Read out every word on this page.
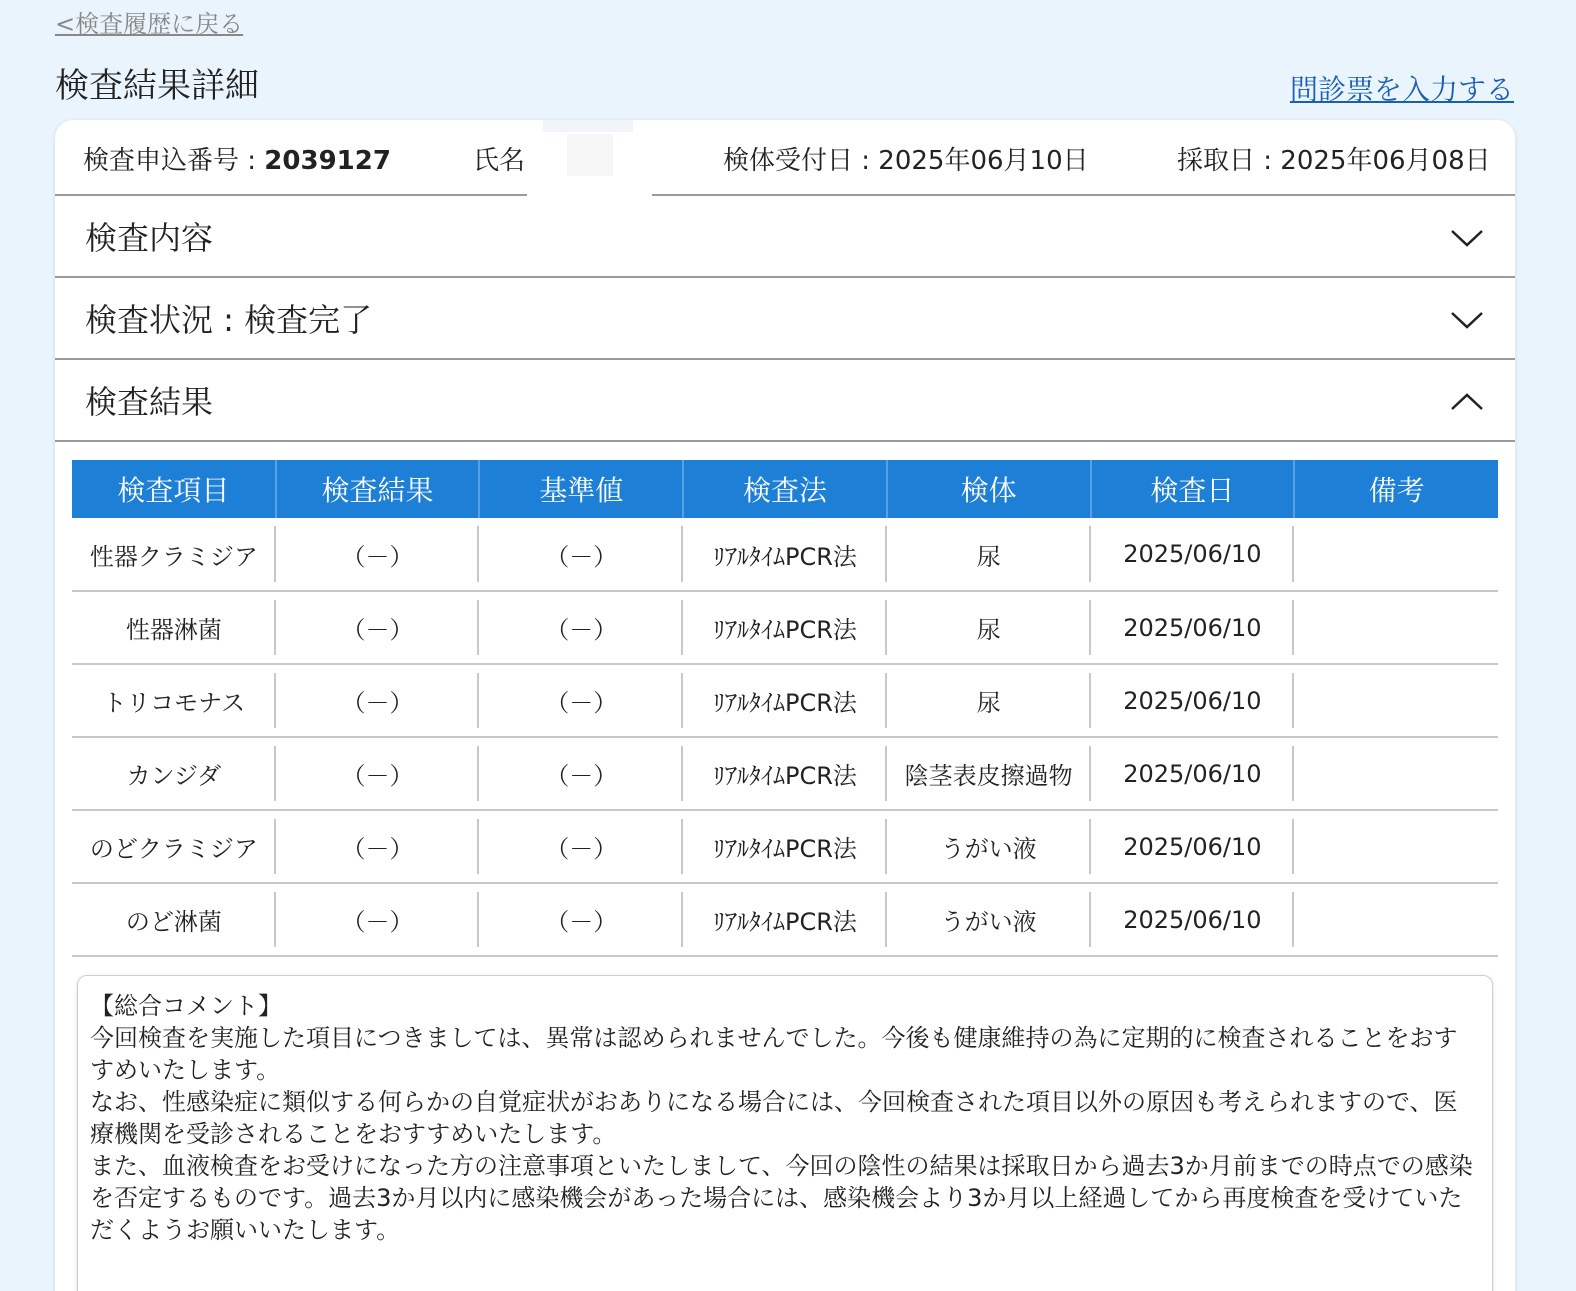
<検査履歴に戻る
検査結果詳細	問診票を入力する
検査申込番号 : 2039127	氏名	検体受付日 : 2025年06月10日	採取日 : 2025年06月08日
検査内容
検査状況 : 検査完了
検査結果
検査項目	検査結果	基準値	検査法	検体	検査日	備考
性器クラミジア	（－）	（－）	ﾘｱﾙﾀｲﾑPCR法	尿	2025/06/10

性器淋菌	（－）	（－）	ﾘｱﾙﾀｲﾑPCR法	尿	2025/06/10

トリコモナス	（－）	（－）	ﾘｱﾙﾀｲﾑPCR法	尿	2025/06/10

カンジダ	（－）	（－）	ﾘｱﾙﾀｲﾑPCR法	陰茎表皮擦過物	2025/06/10

のどクラミジア	（－）	（－）	ﾘｱﾙﾀｲﾑPCR法	うがい液	2025/06/10

のど淋菌	（－）	（－）	ﾘｱﾙﾀｲﾑPCR法	うがい液	2025/06/10

【総合コメント】

今回検査を実施した項目につきましては、異常は認められませんでした。今後も健康維持の為に定期的に検査されることをおすすめいたします。

なお、性感染症に類似する何らかの自覚症状がおありになる場合には、今回検査された項目以外の原因も考えられますので、医療機関を受診されることをおすすめいたします。

また、血液検査をお受けになった方の注意事項といたしまして、今回の陰性の結果は採取日から過去3か月前までの時点での感染を否定するものです。過去3か月以内に感染機会があった場合には、感染機会より3か月以上経過してから再度検査を受けていただくようお願いいたします。
